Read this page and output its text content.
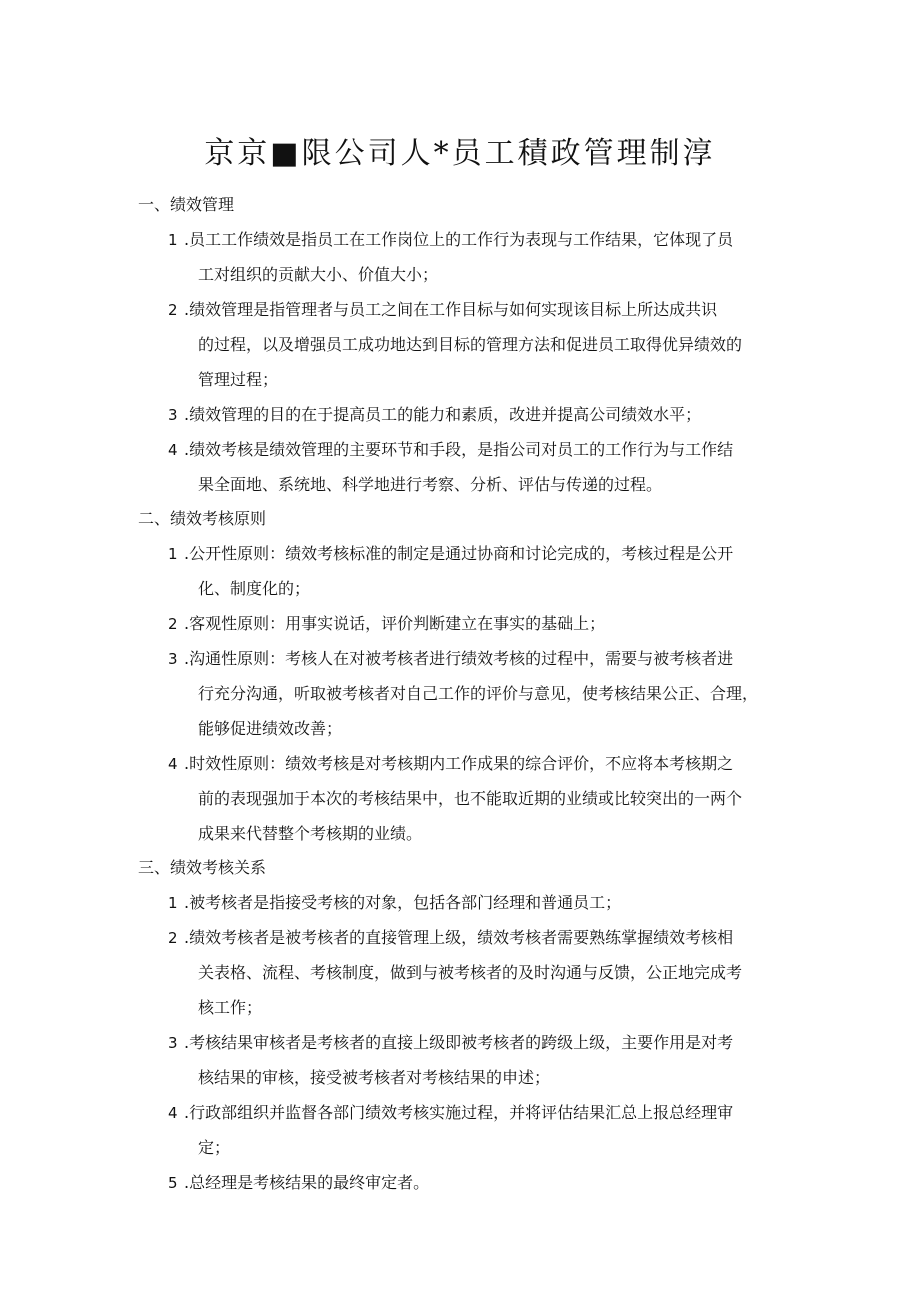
京京■限公司人*员工積政管理制淳
一、绩效管理
1 .员工工作绩效是指员工在工作岗位上的工作行为表现与工作结果，它体现了员
工对组织的贡献大小、价值大小；
2 .绩效管理是指管理者与员工之间在工作目标与如何实现该目标上所达成共识
的过程，以及增强员工成功地达到目标的管理方法和促进员工取得优异绩效的
管理过程；
3 .绩效管理的目的在于提高员工的能力和素质，改进并提高公司绩效水平；
4 .绩效考核是绩效管理的主要环节和手段，是指公司对员工的工作行为与工作结
果全面地、系统地、科学地进行考察、分析、评估与传递的过程。
二、绩效考核原则
1 .公开性原则：绩效考核标准的制定是通过协商和讨论完成的，考核过程是公开
化、制度化的；
2 .客观性原则：用事实说话，评价判断建立在事实的基础上；
3 .沟通性原则：考核人在对被考核者进行绩效考核的过程中，需要与被考核者进
行充分沟通，听取被考核者对自己工作的评价与意见，使考核结果公正、合理，
能够促进绩效改善；
4 .时效性原则：绩效考核是对考核期内工作成果的综合评价，不应将本考核期之
前的表现强加于本次的考核结果中，也不能取近期的业绩或比较突出的一两个
成果来代替整个考核期的业绩。
三、绩效考核关系
1 .被考核者是指接受考核的对象，包括各部门经理和普通员工；
2 .绩效考核者是被考核者的直接管理上级，绩效考核者需要熟练掌握绩效考核相
关表格、流程、考核制度，做到与被考核者的及时沟通与反馈，公正地完成考
核工作；
3 .考核结果审核者是考核者的直接上级即被考核者的跨级上级，主要作用是对考
核结果的审核，接受被考核者对考核结果的申述；
4 .行政部组织并监督各部门绩效考核实施过程，并将评估结果汇总上报总经理审
定；
5 .总经理是考核结果的最终审定者。
